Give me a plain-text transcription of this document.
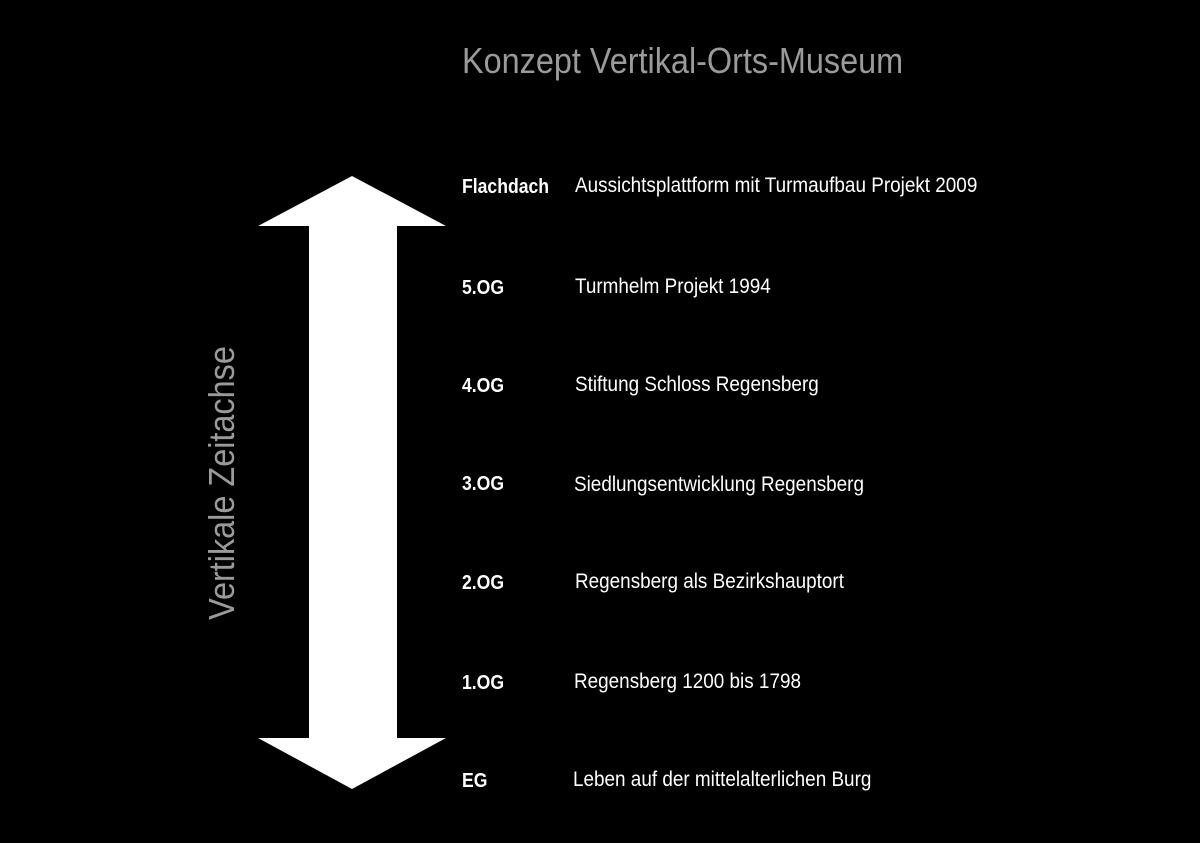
Konzept Vertikal-Orts-Museum
Vertikale Zeitachse
Flachdach Aussichtsplattform mit Turmaufbau Projekt 2009
5.OG	Turmhelm Projekt 1994
4.OG	Stiftung Schloss Regensberg
3.OG	Siedlungsentwicklung Regensberg
2.OG	Regensberg als Bezirkshauptort
1.OG	Regensberg 1200 bis 1798
EG	Leben auf der mittelalterlichen Burg
